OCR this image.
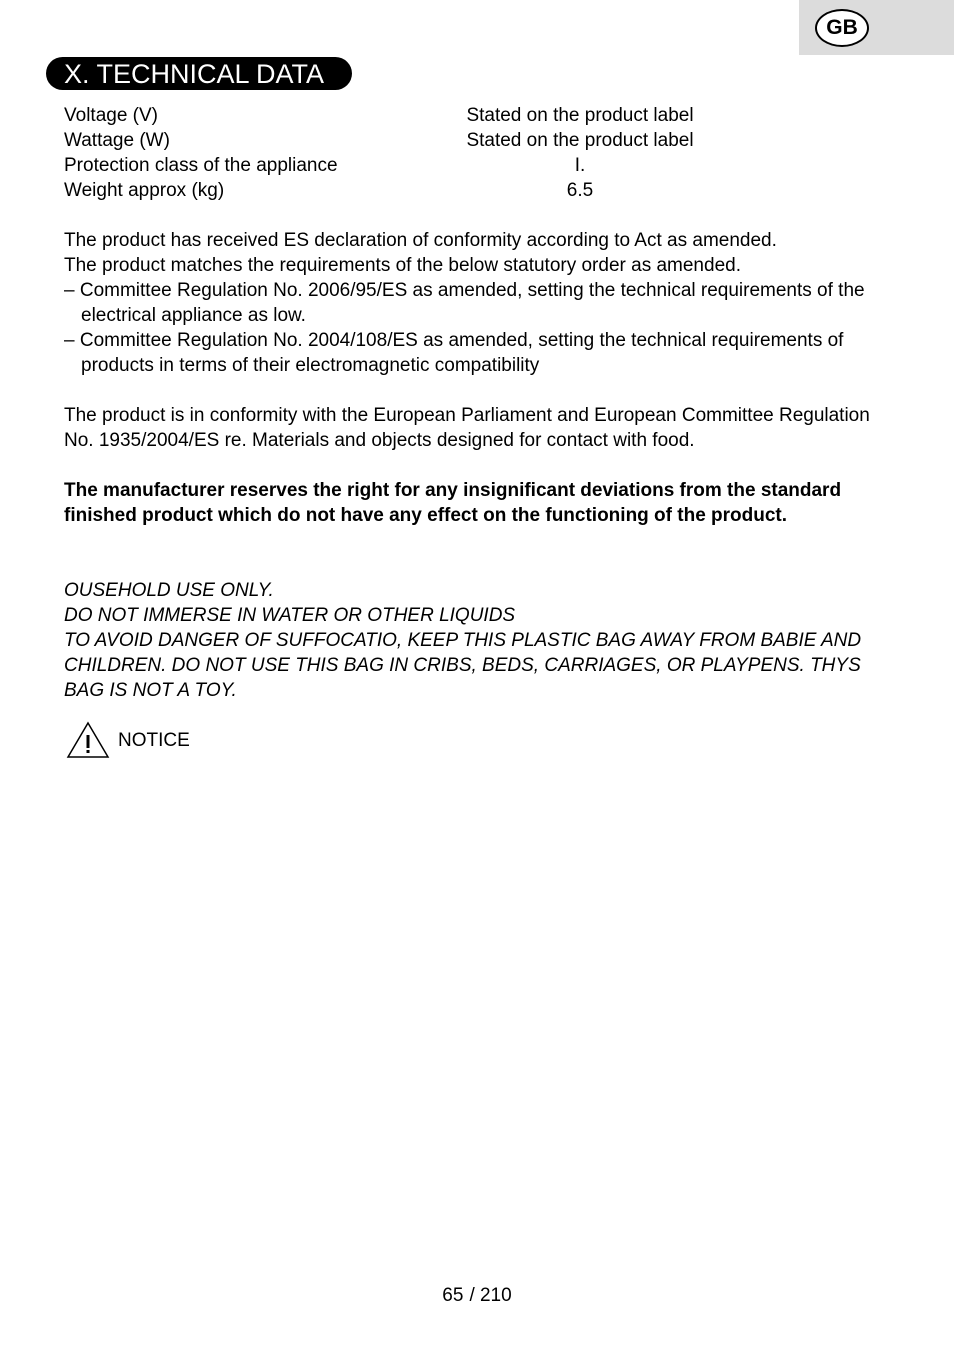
GB
X. TECHNICAL DATA
Voltage (V)	Stated on the product label
Wattage (W)	Stated on the product label
Protection class of the appliance	I.
Weight approx (kg)	6.5

The product has received ES declaration of conformity according to Act as amended.

The product matches the requirements of the below statutory order as amended.

– Committee Regulation No. 2006/95/ES as amended, setting the technical requirements of the electrical appliance as low.

– Committee Regulation No. 2004/108/ES as amended, setting the technical requirements of products in terms of their electromagnetic compatibility

The product is in conformity with the European Parliament and European Committee Regulation No. 1935/2004/ES re. Materials and objects designed for contact with food.

The manufacturer reserves the right for any insignificant deviations from the standard finished product which do not have any effect on the functioning of the product.

OUSEHOLD USE ONLY.

DO NOT IMMERSE IN WATER OR OTHER LIQUIDS

TO AVOID DANGER OF SUFFOCATIO, KEEP THIS PLASTIC BAG AWAY FROM BABIE AND CHILDREN. DO NOT USE THIS BAG IN CRIBS, BEDS, CARRIAGES, OR PLAYPENS. THYS BAG IS NOT A TOY.

NOTICE
65 / 210
